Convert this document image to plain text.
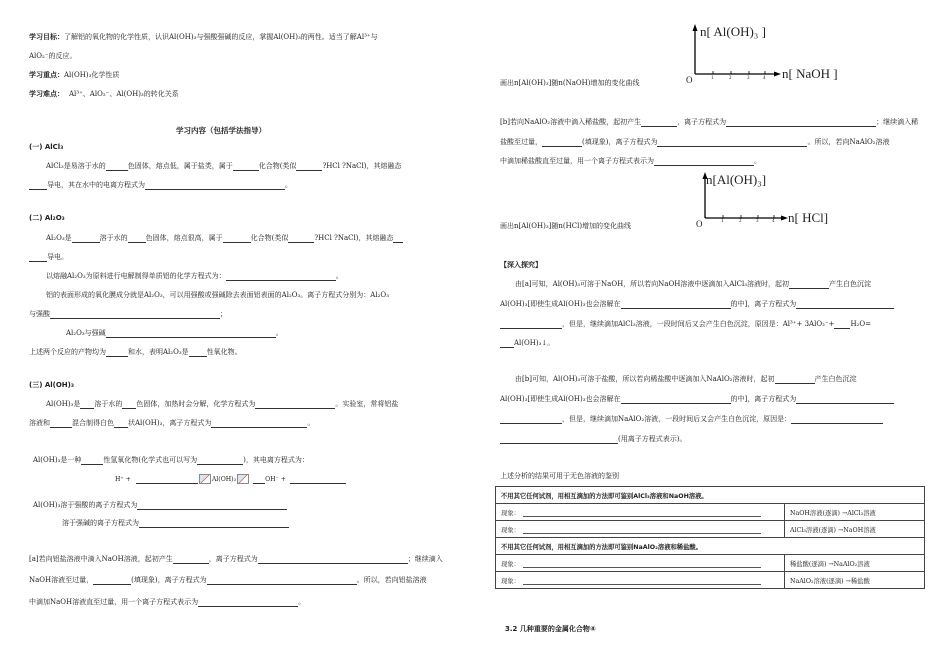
学习目标：了解铝的氧化物的化学性质，认识Al(OH)₃与强酸强碱的反应，掌握Al(OH)₃的两性。适当了解Al³⁺与
AlO₂⁻的反应。
学习重点：Al(OH)₃化学性质
学习难点： Al³⁺、AlO₂⁻、Al(OH)₃的转化关系
学习内容（包括学法指导）
(一) AlCl₃
AlCl₃是易溶于水的	色固体，熔点低，属于盐类，属于	化合物(类似	?HCl ?NaCl)，其熔融态
导电，其在水中的电离方程式为	。
(二) Al₂O₃
Al₂O₃是	溶于水的	色固体，熔点很高，属于	化合物(类似	?HCl ?NaCl)，其熔融态
导电。
以熔融Al₂O₃为原料进行电解制得单质铝的化学方程式为：	。
铝的表面形成的氧化膜成分就是Al₂O₃，可以用强酸或强碱除去表面铝表面的Al₂O₃。离子方程式分别为：Al₂O₃
与强酸	；
Al₂O₃与强碱	。
上述两个反应的产物均为	和水，表明Al₂O₃是	性氧化物。
(三) Al(OH)₃
Al(OH)₃是 溶于水的 色固体，加热时会分解，化学方程式为	。实验室，常将铝盐
溶液和	混合制得白色 状Al(OH)₃，离子方程式为	。
Al(OH)₃是一种	性氢氧化物(化学式也可以写为	)，其电离方程式为：
H⁺ +	Al(OH)₃	OH⁻ +
Al(OH)₃溶于强酸的离子方程式为
溶于强碱的离子方程式为
[a]若向铝盐溶液中滴入NaOH溶液，起初产生	，离子方程式为	；继续滴入
NaOH溶液至过量，	(填现象)，离子方程式为	。所以，若向铝盐溶液
中滴加NaOH溶液直至过量，用一个离子方程式表示为	。
n[ Al(OH)₃ ]
n[ NaOH ]
O	1	2	3	4
画出n[Al(OH)₃]随n(NaOH)增加的变化曲线
[b]若向NaAlO₂溶液中滴入稀盐酸，起初产生	，离子方程式为	；继续滴入稀
盐酸至过量，	(填现象)，离子方程式为	。所以，若向NaAlO₂溶液
中滴加稀盐酸直至过量，用一个离子方程式表示为	。
n[Al(OH)₃]
n[ HCl]
O	1	2	3	4
画出n[Al(OH)₃]随n(HCl)增加的变化曲线
【深入探究】
由[a]可知，Al(OH)₃可溶于NaOH，所以若向NaOH溶液中逐滴加入AlCl₃溶液时，起初	产生白色沉淀
Al(OH)₃[即使生成Al(OH)₃也会溶解在	的中]，离子方程式为
，但是，继续滴加AlCl₃溶液，一段时间后又会产生白色沉淀，原因是：Al³⁺+ 3AlO₂⁻+ H₂O=
Al(OH)₃↓。
由[b]可知，Al(OH)₃可溶于盐酸，所以若向稀盐酸中逐滴加入NaAlO₂溶液时，起初	产生白色沉淀
Al(OH)₃[即使生成Al(OH)₃也会溶解在	的中]，离子方程式为
，但是，继续滴加NaAlO₂溶液，一段时间后又会产生白色沉淀，原因是：
(用离子方程式表示)。
上述分析的结果可用于无色溶液的鉴别
不用其它任何试剂，用相互滴加的方法即可鉴别AlCl₃溶液和NaOH溶液。	
现象：	NaOH溶液(逐滴) →AlCl₃溶液
现象：	AlCl₃溶液(逐滴) →NaOH溶液
不用其它任何试剂，用相互滴加的方法即可鉴别NaAlO₂溶液和稀盐酸。	
现象：	稀盐酸(逐滴) →NaAlO₂溶液
现象：	NaAlO₂溶液(逐滴) →稀盐酸
3.2 几种重要的金属化合物④
